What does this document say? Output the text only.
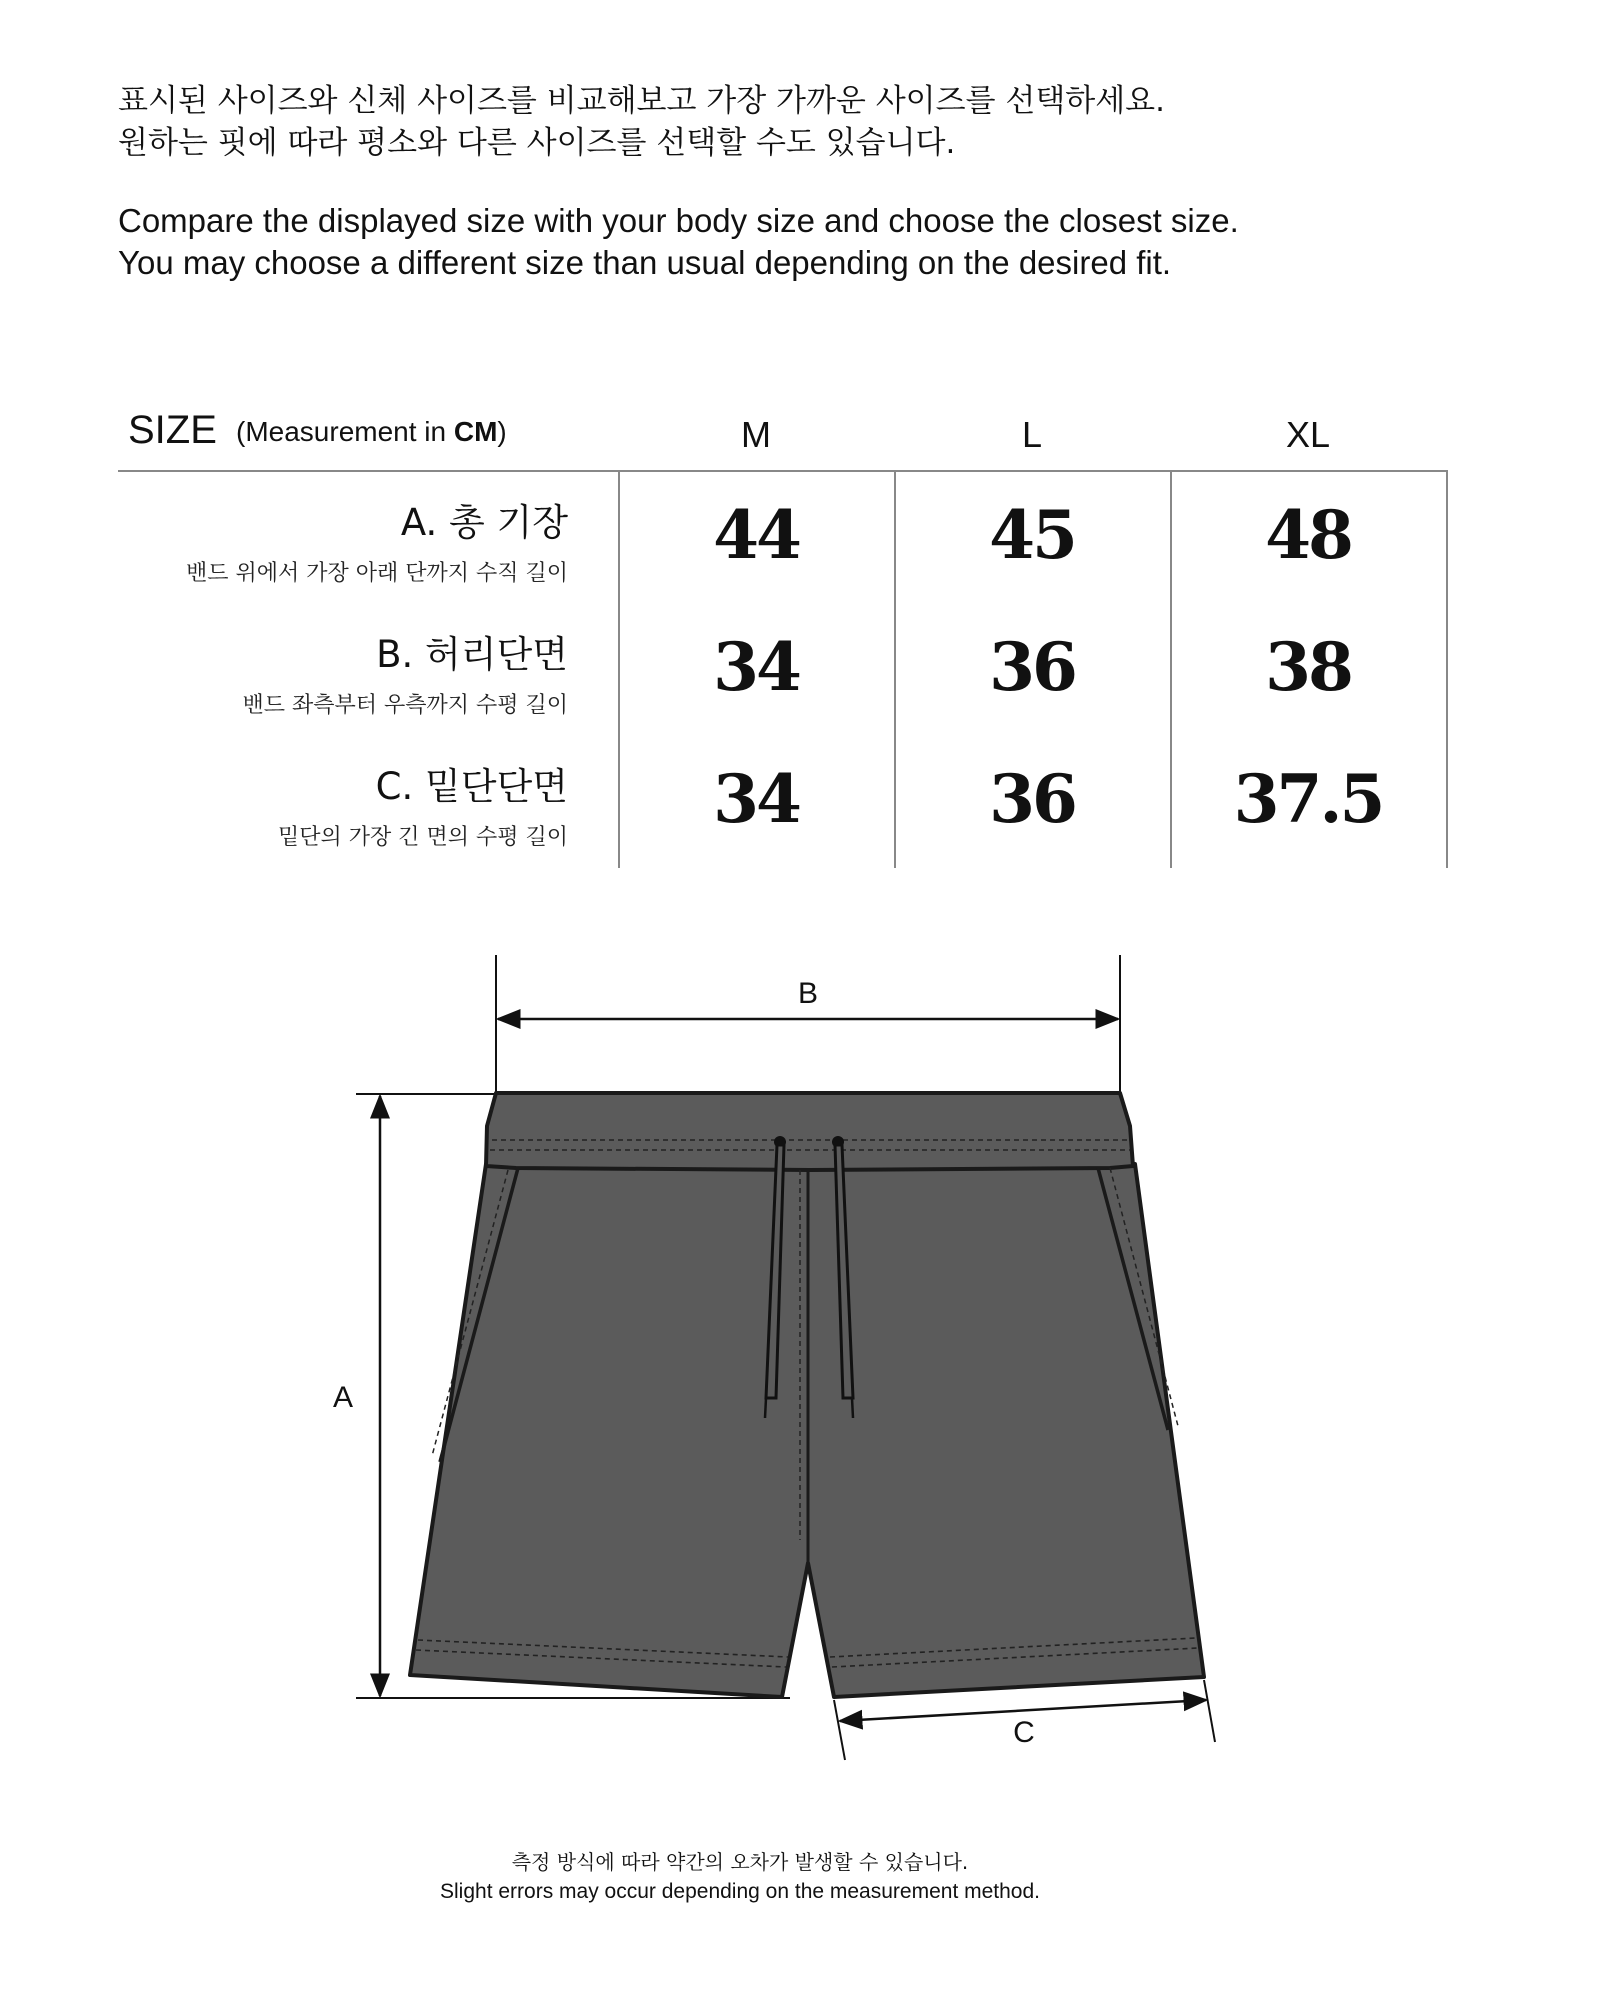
표시된 사이즈와 신체 사이즈를 비교해보고 가장 가까운 사이즈를 선택하세요.

원하는 핏에 따라 평소와 다른 사이즈를 선택할 수도 있습니다.

Compare the displayed size with your body size and choose the closest size.

You may choose a different size than usual depending on the desired fit.

SIZE (Measurement in CM)	M	L	XL
A. 총 기장
밴드 위에서 가장 아래 단까지 수직 길이	44	45	48
B. 허리단면
밴드 좌측부터 우측까지 수평 길이	34	36	38
C. 밑단단면
밑단의 가장 긴 면의 수평 길이	34	36	37.5
B
A
C

측정 방식에 따라 약간의 오차가 발생할 수 있습니다.

Slight errors may occur depending on the measurement method.
